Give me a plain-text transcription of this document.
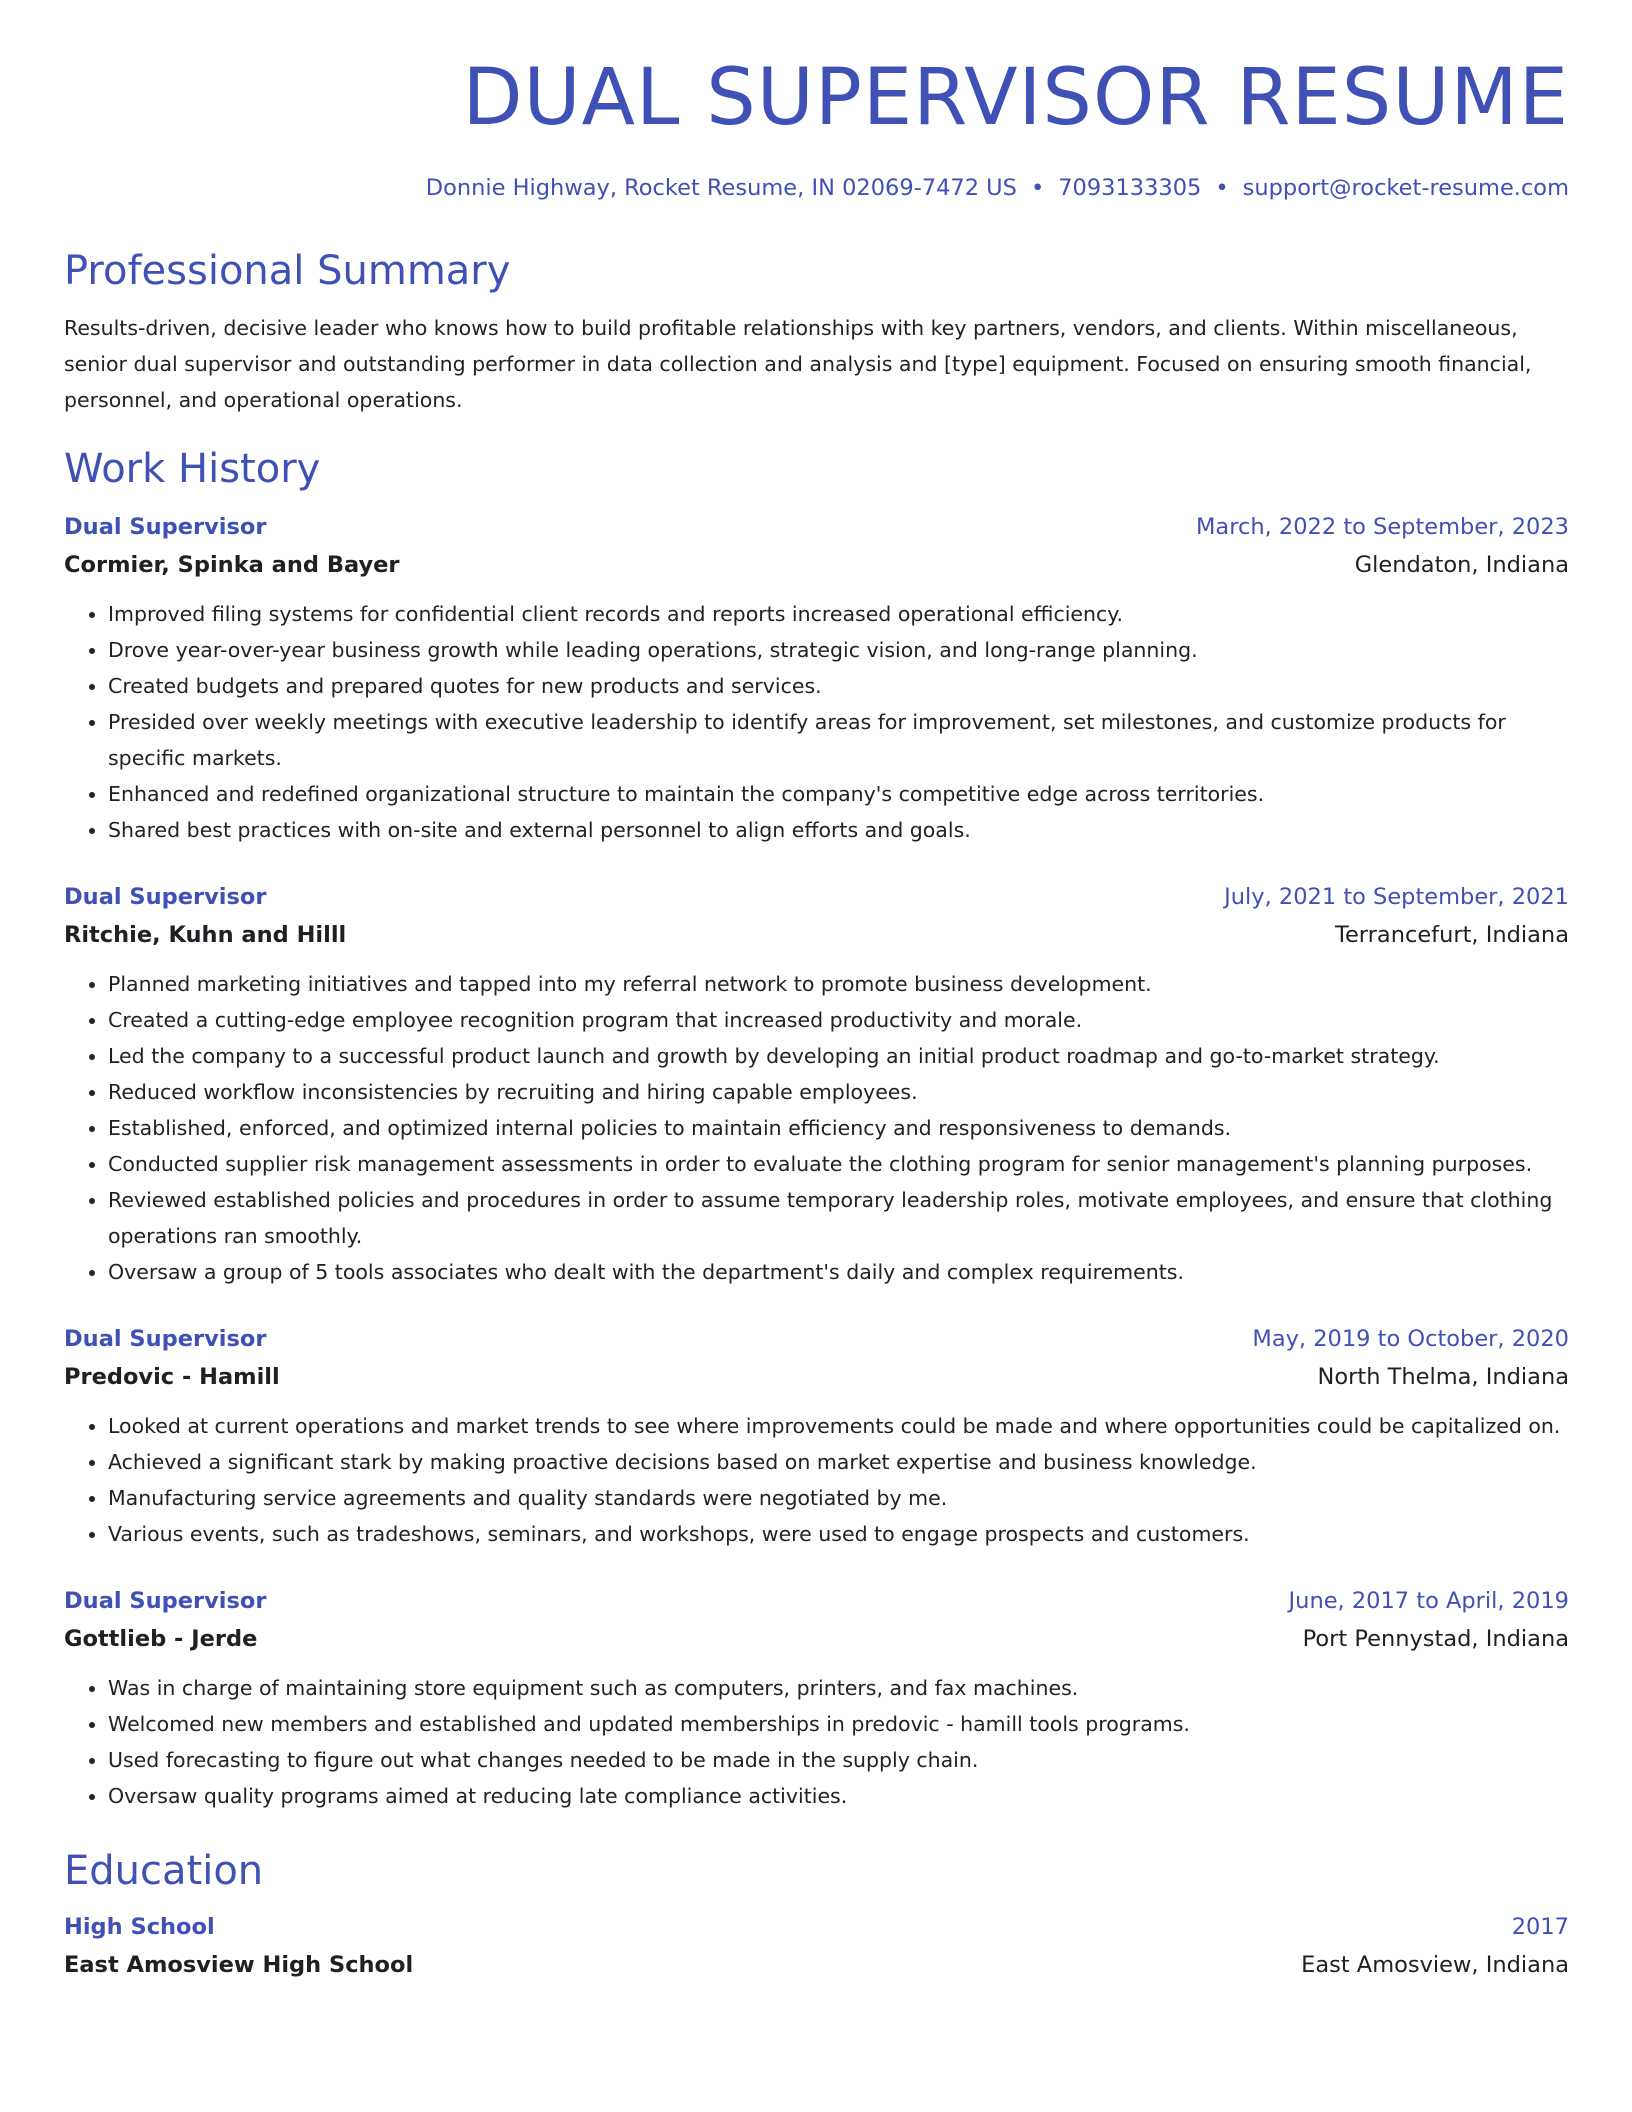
DUAL SUPERVISOR RESUME
Donnie Highway, Rocket Resume, IN 02069-7472 US • 7093133305 • support@rocket-resume.com
Professional Summary
Results-driven, decisive leader who knows how to build profitable relationships with key partners, vendors, and clients. Within miscellaneous, senior dual supervisor and outstanding performer in data collection and analysis and [type] equipment. Focused on ensuring smooth financial, personnel, and operational operations.
Work History
Dual Supervisor	March, 2022 to September, 2023
Cormier, Spinka and Bayer	Glendaton, Indiana
• Improved filing systems for confidential client records and reports increased operational efficiency.
• Drove year-over-year business growth while leading operations, strategic vision, and long-range planning.
• Created budgets and prepared quotes for new products and services.
• Presided over weekly meetings with executive leadership to identify areas for improvement, set milestones, and customize products for specific markets.
• Enhanced and redefined organizational structure to maintain the company's competitive edge across territories.
• Shared best practices with on-site and external personnel to align efforts and goals.
Dual Supervisor	July, 2021 to September, 2021
Ritchie, Kuhn and Hilll	Terrancefurt, Indiana
• Planned marketing initiatives and tapped into my referral network to promote business development.
• Created a cutting-edge employee recognition program that increased productivity and morale.
• Led the company to a successful product launch and growth by developing an initial product roadmap and go-to-market strategy.
• Reduced workflow inconsistencies by recruiting and hiring capable employees.
• Established, enforced, and optimized internal policies to maintain efficiency and responsiveness to demands.
• Conducted supplier risk management assessments in order to evaluate the clothing program for senior management's planning purposes.
• Reviewed established policies and procedures in order to assume temporary leadership roles, motivate employees, and ensure that clothing operations ran smoothly.
• Oversaw a group of 5 tools associates who dealt with the department's daily and complex requirements.
Dual Supervisor	May, 2019 to October, 2020
Predovic - Hamill	North Thelma, Indiana
• Looked at current operations and market trends to see where improvements could be made and where opportunities could be capitalized on.
• Achieved a significant stark by making proactive decisions based on market expertise and business knowledge.
• Manufacturing service agreements and quality standards were negotiated by me.
• Various events, such as tradeshows, seminars, and workshops, were used to engage prospects and customers.
Dual Supervisor	June, 2017 to April, 2019
Gottlieb - Jerde	Port Pennystad, Indiana
• Was in charge of maintaining store equipment such as computers, printers, and fax machines.
• Welcomed new members and established and updated memberships in predovic - hamill tools programs.
• Used forecasting to figure out what changes needed to be made in the supply chain.
• Oversaw quality programs aimed at reducing late compliance activities.
Education
High School	2017
East Amosview High School	East Amosview, Indiana
